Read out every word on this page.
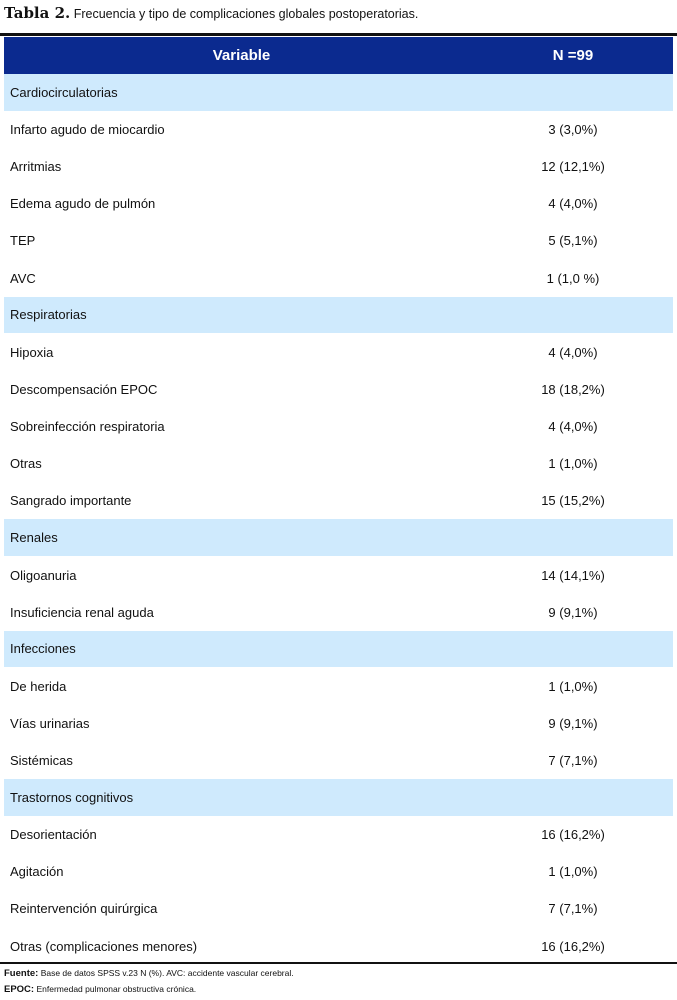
Tabla 2. Frecuencia y tipo de complicaciones globales postoperatorias.
Variable	N =99
Cardiocirculatorias	
Infarto agudo de miocardio	3 (3,0%)
Arritmias	12 (12,1%)
Edema agudo de pulmón	4 (4,0%)
TEP	5 (5,1%)
AVC	1 (1,0 %)
Respiratorias	
Hipoxia	4 (4,0%)
Descompensación EPOC	18 (18,2%)
Sobreinfección respiratoria	4 (4,0%)
Otras	1 (1,0%)
Sangrado importante	15 (15,2%)
Renales	
Oligoanuria	14 (14,1%)
Insuficiencia renal aguda	9 (9,1%)
Infecciones	
De herida	1 (1,0%)
Vías urinarias	9 (9,1%)
Sistémicas	7 (7,1%)
Trastornos cognitivos	
Desorientación	16 (16,2%)
Agitación	1 (1,0%)
Reintervención quirúrgica	7 (7,1%)
Otras (complicaciones menores)	16 (16,2%)
Fuente: Base de datos SPSS v.23 N (%). AVC: accidente vascular cerebral.
EPOC: Enfermedad pulmonar obstructiva crónica.
